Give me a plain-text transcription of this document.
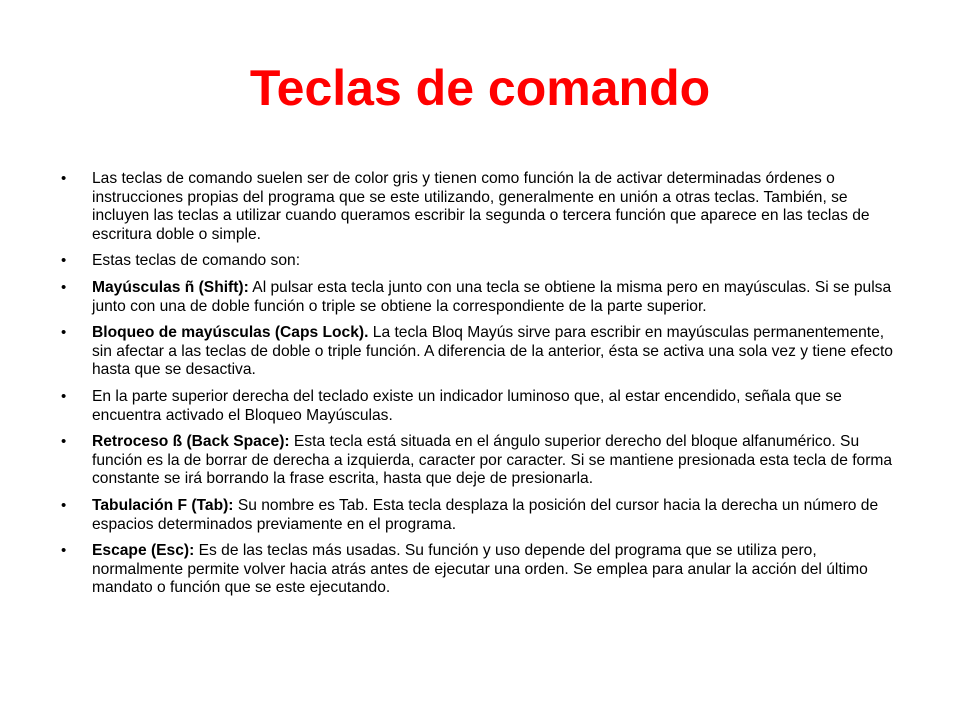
Teclas de comando
•	Las teclas de comando suelen ser de color gris y tienen como función la de activar determinadas órdenes o instrucciones propias del programa que se este utilizando, generalmente en unión a otras teclas. También, se incluyen las teclas a utilizar cuando queramos escribir la segunda o tercera función que aparece en las teclas de escritura doble o simple.
•	Estas teclas de comando son:
•	Mayúsculas ñ (Shift): Al pulsar esta tecla junto con una tecla se obtiene la misma pero en mayúsculas. Si se pulsa junto con una de doble función o triple se obtiene la correspondiente de la parte superior.
•	Bloqueo de mayúsculas (Caps Lock). La tecla Bloq Mayús sirve para escribir en mayúsculas permanentemente, sin afectar a las teclas de doble o triple función. A diferencia de la anterior, ésta se activa una sola vez y tiene efecto hasta que se desactiva.
•	En la parte superior derecha del teclado existe un indicador luminoso que, al estar encendido, señala que se encuentra activado el Bloqueo Mayúsculas.
•	Retroceso ß (Back Space): Esta tecla está situada en el ángulo superior derecho del bloque alfanumérico. Su función es la de borrar de derecha a izquierda, caracter por caracter. Si se mantiene presionada esta tecla de forma constante se irá borrando la frase escrita, hasta que deje de presionarla.
•	Tabulación F (Tab): Su nombre es Tab. Esta tecla desplaza la posición del cursor hacia la derecha un número de espacios determinados previamente en el programa.
•	Escape (Esc): Es de las teclas más usadas. Su función y uso depende del programa que se utiliza pero, normalmente permite volver hacia atrás antes de ejecutar una orden. Se emplea para anular la acción del último mandato o función que se este ejecutando.
